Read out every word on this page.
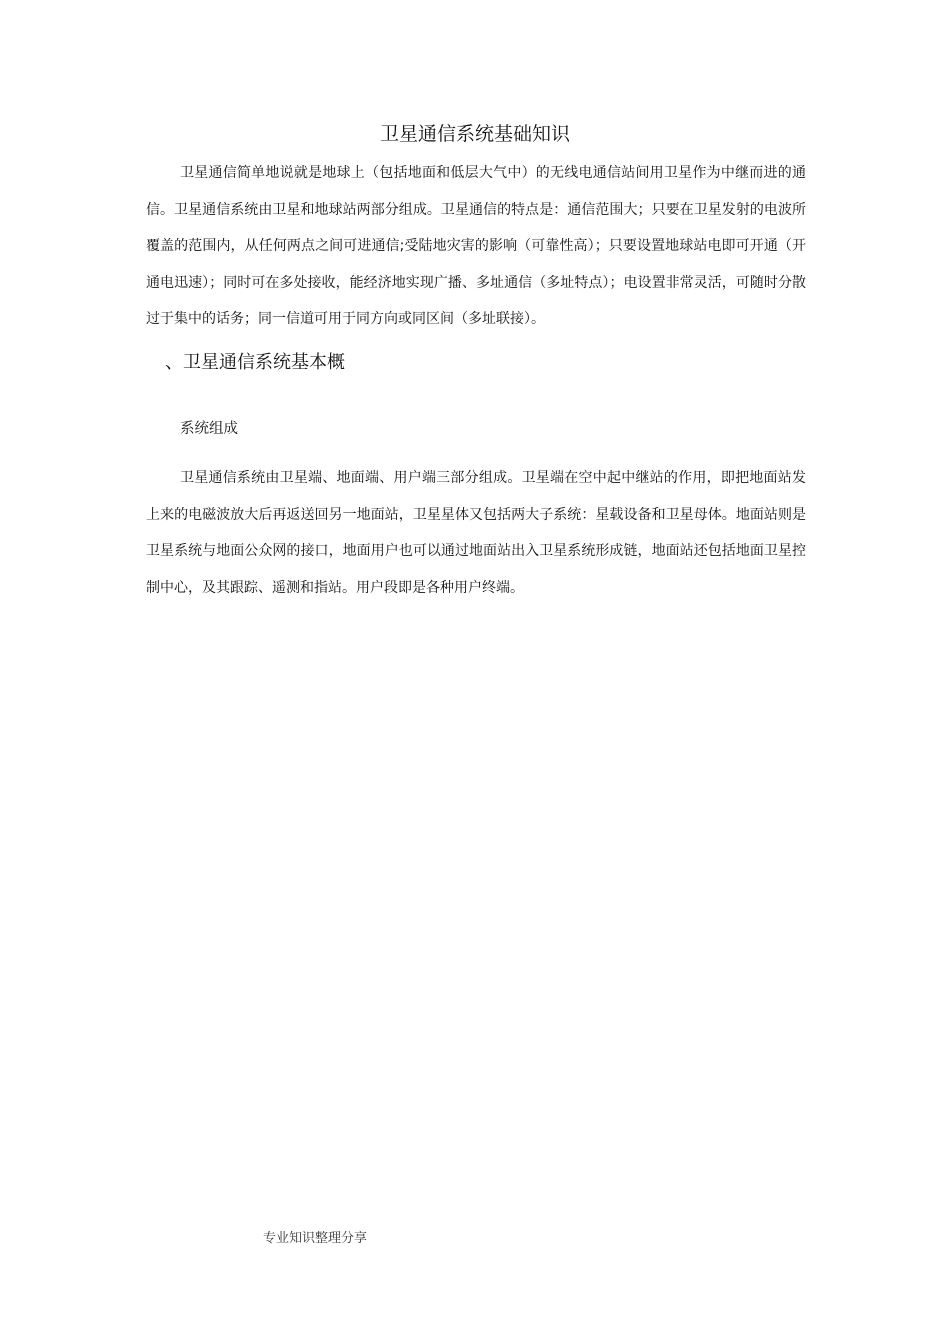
卫星通信系统基础知识

卫星通信简单地说就是地球上（包括地面和低层大气中）的无线电通信站间用卫星作为中继而进的通信。卫星通信系统由卫星和地球站两部分组成。卫星通信的特点是：通信范围大；只要在卫星发射的电波所覆盖的范围内，从任何两点之间可进通信;受陆地灾害的影响（可靠性高）；只要设置地球站电即可开通（开通电迅速）；同时可在多处接收，能经济地实现广播、多址通信（多址特点）；电设置非常灵活，可随时分散过于集中的话务；同一信道可用于同方向或同区间（多址联接）。

、卫星通信系统基本概
系统组成

卫星通信系统由卫星端、地面端、用户端三部分组成。卫星端在空中起中继站的作用，即把地面站发上来的电磁波放大后再返送回另一地面站，卫星星体又包括两大子系统：星载设备和卫星母体。地面站则是卫星系统与地面公众网的接口，地面用户也可以通过地面站出入卫星系统形成链，地面站还包括地面卫星控制中心，及其跟踪、遥测和指站。用户段即是各种用户终端。

专业知识整理分享
